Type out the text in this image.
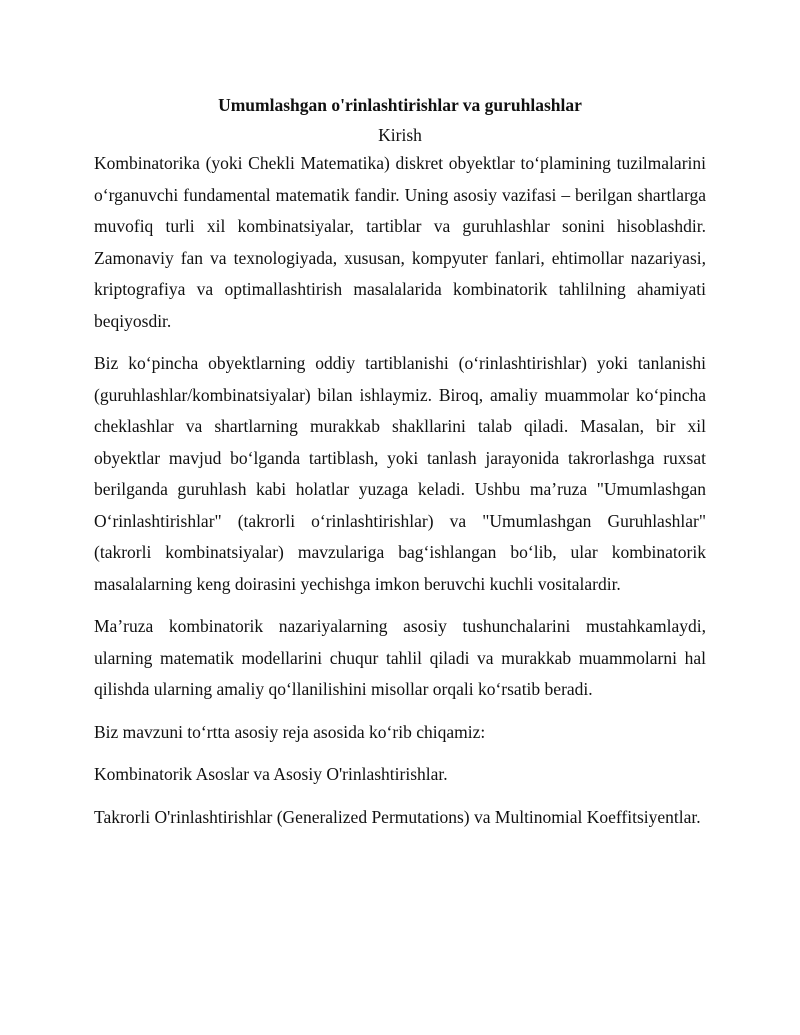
Umumlashgan o'rinlashtirishlar va guruhlashlar
Kirish

Kombinatorika (yoki Chekli Matematika) diskret obyektlar to‘plamining tuzilmalarini o‘rganuvchi fundamental matematik fandir. Uning asosiy vazifasi – berilgan shartlarga muvofiq turli xil kombinatsiyalar, tartiblar va guruhlashlar sonini hisoblashdir. Zamonaviy fan va texnologiyada, xususan, kompyuter fanlari, ehtimollar nazariyasi, kriptografiya va optimallashtirish masalalarida kombinatorik tahlilning ahamiyati beqiyosdir.

Biz ko‘pincha obyektlarning oddiy tartiblanishi (o‘rinlashtirishlar) yoki tanlanishi (guruhlashlar/kombinatsiyalar) bilan ishlaymiz. Biroq, amaliy muammolar ko‘pincha cheklashlar va shartlarning murakkab shakllarini talab qiladi. Masalan, bir xil obyektlar mavjud bo‘lganda tartiblash, yoki tanlash jarayonida takrorlashga ruxsat berilganda guruhlash kabi holatlar yuzaga keladi. Ushbu ma’ruza "Umumlashgan O‘rinlashtirishlar" (takrorli o‘rinlashtirishlar) va "Umumlashgan Guruhlashlar" (takrorli kombinatsiyalar) mavzulariga bag‘ishlangan bo‘lib, ular kombinatorik masalalarning keng doirasini yechishga imkon beruvchi kuchli vositalardir.

Ma’ruza kombinatorik nazariyalarning asosiy tushunchalarini mustahkamlaydi, ularning matematik modellarini chuqur tahlil qiladi va murakkab muammolarni hal qilishda ularning amaliy qo‘llanilishini misollar orqali ko‘rsatib beradi.

Biz mavzuni to‘rtta asosiy reja asosida ko‘rib chiqamiz:

Kombinatorik Asoslar va Asosiy O'rinlashtirishlar.

Takrorli O'rinlashtirishlar (Generalized Permutations) va Multinomial Koeffitsiyentlar.
